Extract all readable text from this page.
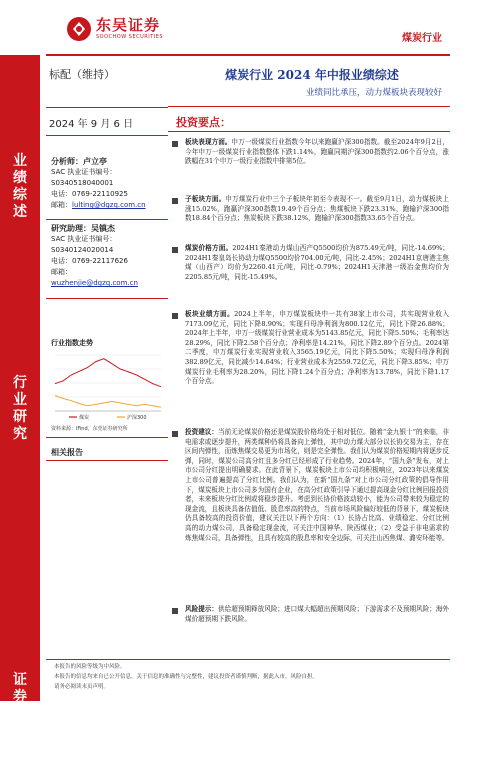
东吴证券
SOOCHOW SECURITIES	煤炭行业
业绩综述
行业研究
证券研究报告
标配（维持）
2024 年 9 月 6 日
分析师：卢立亭
SAC 执业证书编号：
S0340518040001
电话：0769-22110925
邮箱：lulting@dgzq.com.cn
研究助理：吴镇杰
SAC 执业证书编号：
S0340124020014
电话：0769-22117626
邮箱：
wuzhenjie@dgzq.com.cn
行业指数走势
煤炭	沪深300
资料来源：iFind，东莞证券研究所
相关报告
煤炭行业 2024 年中报业绩综述
业绩同比承压，动力煤板块表现较好
投资要点：
板块表现方面。申万一级煤炭行业指数今年以来跑赢沪深300指数。截至2024年9月2日，今年申万一级煤炭行业指数整体下跌1.14%，跑赢同期沪深300指数约2.06个百分点，涨跌幅在31个申万一级行业指数中排第5位。
子板块方面。申万煤炭行业中三个子板块年初至今表现不一。截至9月1日，动力煤板块上涨15.02%，跑赢沪深300指数19.49个百分点；焦煤板块下跌23.31%，跑输沪深300指数18.84个百分点；焦炭板块下跌38.12%，跑输沪深300指数33.65个百分点。
煤炭价格方面。2024H1秦港动力煤山西产Q5500均价为875.49元/吨，同比-14.69%；2024H1秦皇岛长协动力煤Q5500均价704.00元/吨，同比-2.45%；2024H1京唐港主焦煤（山西产）均价为2260.41元/吨，同比-0.79%；2024H1天津港一级冶金焦均价为2205.85元/吨，同比-15.49%。
板块业绩方面。2024上半年，申万煤炭板块中一共有38家上市公司，共实现营业收入7173.09亿元，同比下降8.90%；实现归母净利润为800.12亿元，同比下降26.88%；2024年上半年，申万一级煤炭行业营业成本为5143.85亿元，同比下降5.50%；毛利率达28.29%，同比下降2.58个百分点；净利率是14.21%，同比下降2.89个百分点。2024第二季度，申万煤炭行业实现营业收入3565.19亿元，同比下降5.50%；实现归母净利润382.89亿元，同比减少14.64%；行业营业成本为2559.72亿元，同比下降3.85%；申万煤炭行业毛利率为28.20%，同比下降1.24个百分点；净利率为13.78%，同比下降1.17个百分点。
投资建议：当前无论煤炭价格还是煤炭股价格均处于相对低位。随着“金九银十”的来临，非电需求或逐步提升，两类煤种仍将具备向上弹性，其中动力煤大部分以长协交易为主，存在区间内弹性，而炼焦煤交易更为市场化，则是完全弹性。我们认为煤炭价格短期内将逐步反弹，同时，煤炭公司高分红且多分红已经形成了行业趋势。2024年，“国九条”发布，对上市公司分红提出明确要求。在此背景下，煤炭板块上市公司均积极响应，2023年以来煤炭上市公司普遍提高了分红比例。我们认为，在新“国九条”对上市公司分红政策的倡导作用下，煤炭板块上市公司多为国有企业，在高分红政策引导下通过提高现金分红比例回报投资者，未来板块分红比例或将稳步提升。考虑到长协价格波动较小，能为公司带来较为稳定的现金流，且板块具备估值低、股息率高的特点，当前市场风险偏好较低的背景下，煤炭板块仍具备较高的投资价值，建议关注以下两个方向：（1）长协占比高、业绩稳定、分红比例高的动力煤公司，具备稳定现金流，可关注中国神华、陕西煤业；（2）受益于非电需求的炼焦煤公司，具备弹性，且具有较高的股息率和安全边际，可关注山西焦煤、潞安环能等。
风险提示：供给超预期释放风险；进口煤大幅超出预期风险；下游需求不及预期风险；海外煤价超预期下跌风险。
本报告的风险等级为中风险。
本报告的信息均来自已公开信息，关于信息的准确性与完整性，建议投资者谨慎判断，据此入市，风险自担。
请务必阅读末页声明。
